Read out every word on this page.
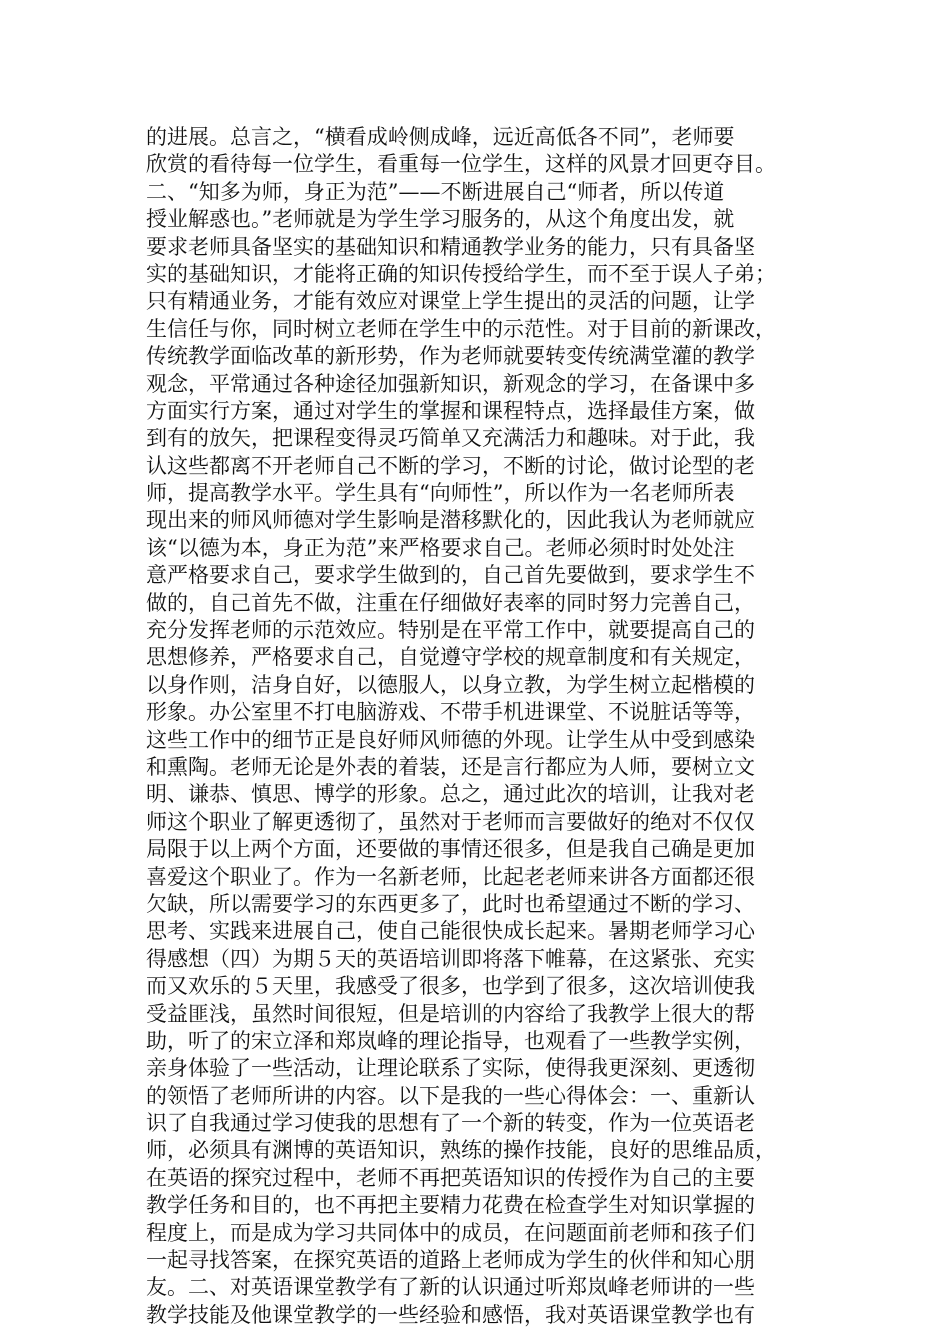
的进展。总言之，“横看成岭侧成峰，远近高低各不同”，老师要
欣赏的看待每一位学生，看重每一位学生，这样的风景才回更夺目。
二、“知多为师，身正为范”——不断进展自己“师者，所以传道
授业解惑也。”老师就是为学生学习服务的，从这个角度出发，就
要求老师具备坚实的基础知识和精通教学业务的能力，只有具备坚
实的基础知识，才能将正确的知识传授给学生，而不至于误人子弟；
只有精通业务，才能有效应对课堂上学生提出的灵活的问题，让学
生信任与你，同时树立老师在学生中的示范性。对于目前的新课改，
传统教学面临改革的新形势，作为老师就要转变传统满堂灌的教学
观念，平常通过各种途径加强新知识，新观念的学习，在备课中多
方面实行方案，通过对学生的掌握和课程特点，选择最佳方案，做
到有的放矢，把课程变得灵巧简单又充满活力和趣味。对于此，我
认这些都离不开老师自己不断的学习，不断的讨论，做讨论型的老
师，提高教学水平。学生具有“向师性”，所以作为一名老师所表
现出来的师风师德对学生影响是潜移默化的，因此我认为老师就应
该“以德为本，身正为范”来严格要求自己。老师必须时时处处注
意严格要求自己，要求学生做到的，自己首先要做到，要求学生不
做的，自己首先不做，注重在仔细做好表率的同时努力完善自己，
充分发挥老师的示范效应。特别是在平常工作中，就要提高自己的
思想修养，严格要求自己，自觉遵守学校的规章制度和有关规定，
以身作则，洁身自好，以德服人，以身立教，为学生树立起楷模的
形象。办公室里不打电脑游戏、不带手机进课堂、不说脏话等等，
这些工作中的细节正是良好师风师德的外现。让学生从中受到感染
和熏陶。老师无论是外表的着装，还是言行都应为人师，要树立文
明、谦恭、慎思、博学的形象。总之，通过此次的培训，让我对老
师这个职业了解更透彻了，虽然对于老师而言要做好的绝对不仅仅
局限于以上两个方面，还要做的事情还很多，但是我自己确是更加
喜爱这个职业了。作为一名新老师，比起老老师来讲各方面都还很
欠缺，所以需要学习的东西更多了，此时也希望通过不断的学习、
思考、实践来进展自己，使自己能很快成长起来。暑期老师学习心
得感想（四）为期５天的英语培训即将落下帷幕，在这紧张、充实
而又欢乐的５天里，我感受了很多，也学到了很多，这次培训使我
受益匪浅，虽然时间很短，但是培训的内容给了我教学上很大的帮
助，听了的宋立泽和郑岚峰的理论指导，也观看了一些教学实例，
亲身体验了一些活动，让理论联系了实际，使得我更深刻、更透彻
的领悟了老师所讲的内容。以下是我的一些心得体会：一、重新认
识了自我通过学习使我的思想有了一个新的转变，作为一位英语老
师，必须具有渊博的英语知识，熟练的操作技能，良好的思维品质，
在英语的探究过程中，老师不再把英语知识的传授作为自己的主要
教学任务和目的，也不再把主要精力花费在检查学生对知识掌握的
程度上，而是成为学习共同体中的成员，在问题面前老师和孩子们
一起寻找答案，在探究英语的道路上老师成为学生的伙伴和知心朋
友。二、对英语课堂教学有了新的认识通过听郑岚峰老师讲的一些
教学技能及他课堂教学的一些经验和感悟，我对英语课堂教学也有
